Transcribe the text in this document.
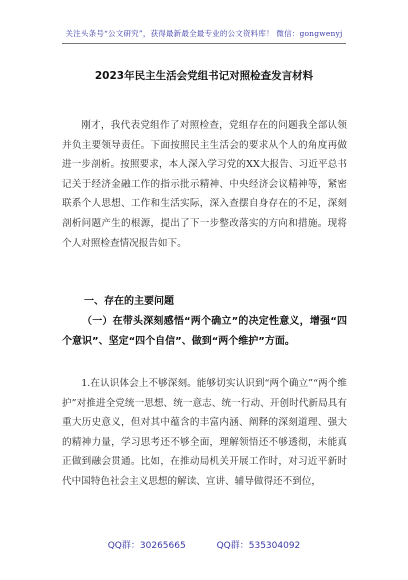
关注头条号“公文研究”，获得最新最全最专业的公文资料库！ 微信：gongwenyj
2023年民主生活会党组书记对照检查发言材料
刚才，我代表党组作了对照检查，党组存在的问题我全部认领并负主要领导责任。下面按照民主生活会的要求从个人的角度再做进一步剖析。按照要求，本人深入学习党的XX大报告、习近平总书记关于经济金融工作的指示批示精神、中央经济会议精神等，紧密联系个人思想、工作和生活实际，深入查摆自身存在的不足，深刻剖析问题产生的根源，提出了下一步整改落实的方向和措施。现将个人对照检查情况报告如下。
一、存在的主要问题
（一）在带头深刻感悟“两个确立”的决定性意义，增强“四个意识”、坚定“四个自信”、做到“两个维护”方面。
1.在认识体会上不够深刻。能够切实认识到“两个确立”“两个维护”对推进全党统一思想、统一意志、统一行动、开创时代新局具有重大历史意义，但对其中蕴含的丰富内涵、阐释的深刻道理、强大的精神力量，学习思考还不够全面，理解领悟还不够透彻，未能真正做到融会贯通。比如，在推动局机关开展工作时，对习近平新时代中国特色社会主义思想的解读、宣讲、辅导做得还不到位，
QQ群：30265665	QQ群：535304092
